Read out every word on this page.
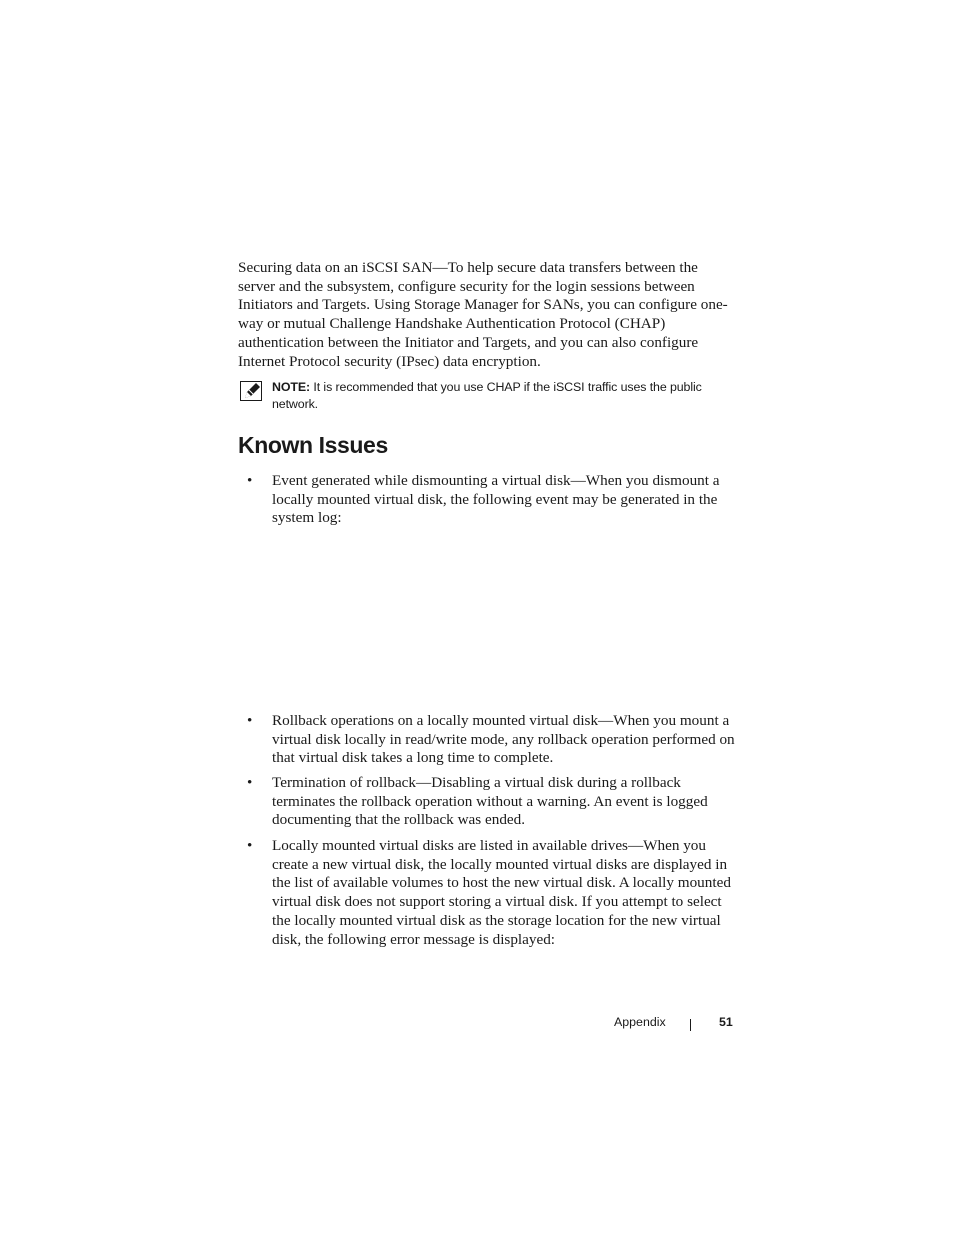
Securing data on an iSCSI SAN—To help secure data transfers between the server and the subsystem, configure security for the login sessions between Initiators and Targets. Using Storage Manager for SANs, you can configure one-way or mutual Challenge Handshake Authentication Protocol (CHAP) authentication between the Initiator and Targets, and you can also configure Internet Protocol security (IPsec) data encryption.
NOTE: It is recommended that you use CHAP if the iSCSI traffic uses the public network.
Known Issues
• Event generated while dismounting a virtual disk—When you dismount a locally mounted virtual disk, the following event may be generated in the system log:
• Rollback operations on a locally mounted virtual disk—When you mount a virtual disk locally in read/write mode, any rollback operation performed on that virtual disk takes a long time to complete.
• Termination of rollback—Disabling a virtual disk during a rollback terminates the rollback operation without a warning. An event is logged documenting that the rollback was ended.
• Locally mounted virtual disks are listed in available drives—When you create a new virtual disk, the locally mounted virtual disks are displayed in the list of available volumes to host the new virtual disk. A locally mounted virtual disk does not support storing a virtual disk. If you attempt to select the locally mounted virtual disk as the storage location for the new virtual disk, the following error message is displayed:
Appendix	51
